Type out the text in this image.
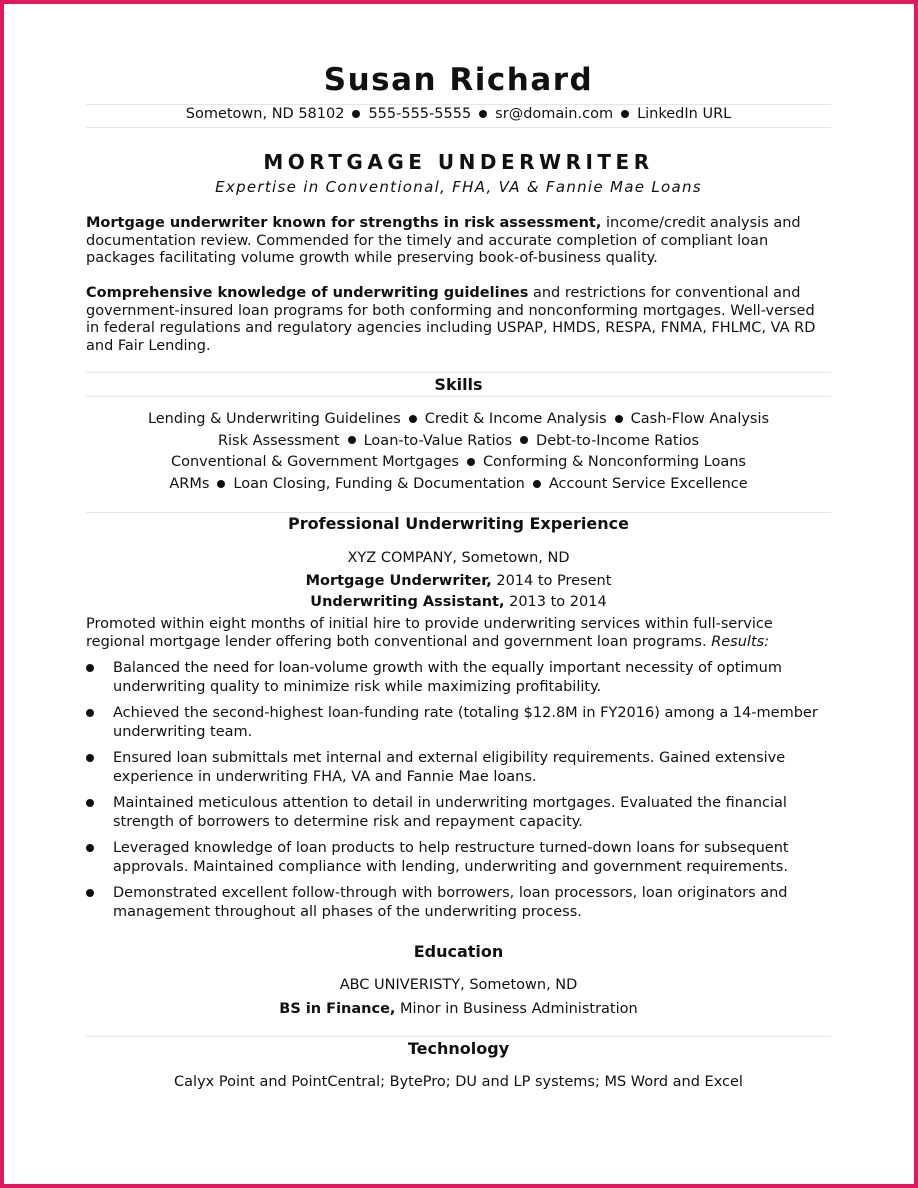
Susan Richard
Sometown, ND 58102 555-555-5555 sr@domain.com LinkedIn URL
MORTGAGE UNDERWRITER
Expertise in Conventional, FHA, VA & Fannie Mae Loans
Mortgage underwriter known for strengths in risk assessment, income/credit analysis and documentation review. Commended for the timely and accurate completion of compliant loan packages facilitating volume growth while preserving book-of-business quality.
Comprehensive knowledge of underwriting guidelines and restrictions for conventional and government-insured loan programs for both conforming and nonconforming mortgages. Well-versed in federal regulations and regulatory agencies including USPAP, HMDS, RESPA, FNMA, FHLMC, VA RD and Fair Lending.
Skills
Lending & Underwriting Guidelines Credit & Income Analysis Cash-Flow Analysis
Risk Assessment Loan-to-Value Ratios Debt-to-Income Ratios
Conventional & Government Mortgages Conforming & Nonconforming Loans
ARMs Loan Closing, Funding & Documentation Account Service Excellence
Professional Underwriting Experience
XYZ COMPANY, Sometown, ND
Mortgage Underwriter, 2014 to Present
Underwriting Assistant, 2013 to 2014
Promoted within eight months of initial hire to provide underwriting services within full-service regional mortgage lender offering both conventional and government loan programs. Results:
Balanced the need for loan-volume growth with the equally important necessity of optimum underwriting quality to minimize risk while maximizing profitability.
Achieved the second-highest loan-funding rate (totaling $12.8M in FY2016) among a 14-member underwriting team.
Ensured loan submittals met internal and external eligibility requirements. Gained extensive experience in underwriting FHA, VA and Fannie Mae loans.
Maintained meticulous attention to detail in underwriting mortgages. Evaluated the financial strength of borrowers to determine risk and repayment capacity.
Leveraged knowledge of loan products to help restructure turned-down loans for subsequent approvals. Maintained compliance with lending, underwriting and government requirements.
Demonstrated excellent follow-through with borrowers, loan processors, loan originators and management throughout all phases of the underwriting process.
Education
ABC UNIVERISTY, Sometown, ND
BS in Finance, Minor in Business Administration
Technology
Calyx Point and PointCentral; BytePro; DU and LP systems; MS Word and Excel
